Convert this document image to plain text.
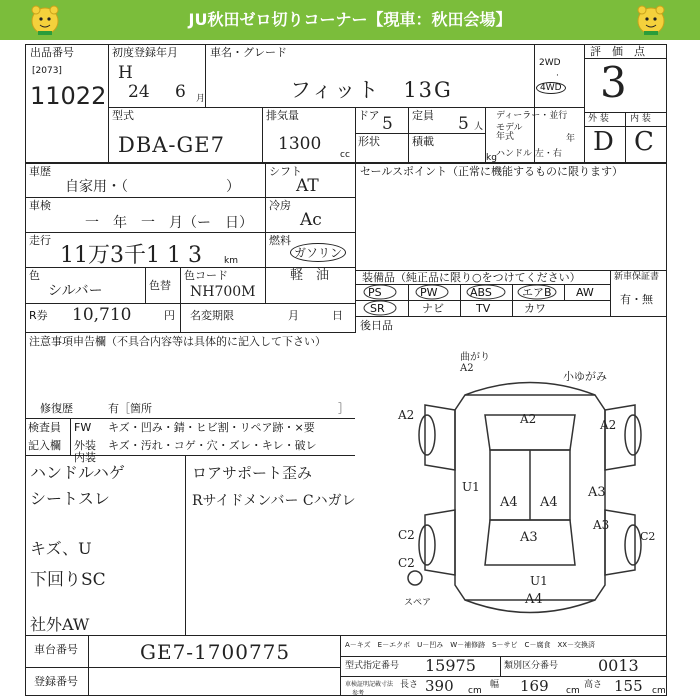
JU秋田ゼロ切りコーナー【現車：秋田会場】
出品番号
[2073]
11022
初度登録年月
H
24 6 月
車名・グレード
フィット　13G
2WD
·
4WD
評　価　点
3
外 装 内 装
D C
型式
DBA-GE7
排気量
1300
cc
ドア 5 定員 5 人
形状	積載
kg
ディーラー・並行
モデル
年式	年
ハンドル 左・右
車歴
自家用・（　　　　　　　）
シフト
AT
車検
一　年　一　月（ー　日）
冷房
Ac
走行
11万3千1 1 3 km
燃料
ガソリン
軽　油
色
シルバー	色替
色コード
NH700M
R券 10,710	円 名変期限	月	日
セールスポイント（正常に機能するものに限ります）
装備品（純正品に限り○をつけてください）
PS	PW	ABS	エアB AW
SR	ナビ	TV	カワ
新車保証書
有・無
後日品
注意事項申告欄（不具合内容等は具体的に記入して下さい）
修復歴	有［箇所	］
検査員
記入欄
FW
外装
内装
キズ・凹み・錆・ヒビ割・リペア跡・×要
キズ・汚れ・コゲ・穴・ズレ・キレ・破レ
ハンドルハゲ
シートスレ
キズ、U
下回りSC
社外AW
ロアサポート歪み
Rサイドメンバー Cハガレ
曲がり
A2
小ゆがみ
A2	A2	A2
U1
A4 A4
A3
A3
A3
C2
C2
U1
A4
C2
スペア
A－キズ　E－エクボ　U－凹み　W－補修跡　S－サビ　C－腐食　XX－交換済
車台番号	GE7-1700775
登録番号
型式指定番号 15975	類別区分番号 0013
車検証明記載寸法
参考
長さ 390 cm
幅 169 cm
高さ 155 cm
